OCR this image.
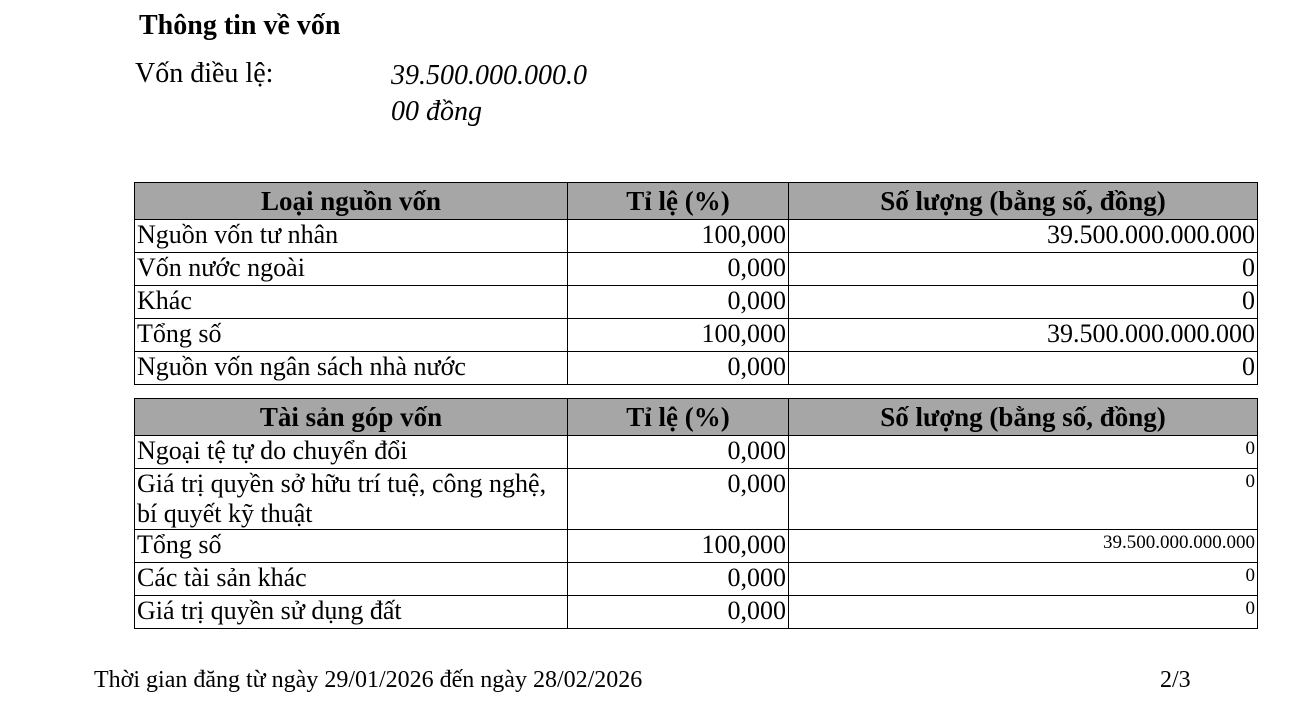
Thông tin về vốn
Vốn điều lệ:	39.500.000.000.0
00 đồng
Loại nguồn vốn	Tỉ lệ (%)	Số lượng (bằng số, đồng)
Nguồn vốn tư nhân	100,000	39.500.000.000.000
Vốn nước ngoài	0,000	0
Khác	0,000	0
Tổng số	100,000	39.500.000.000.000
Nguồn vốn ngân sách nhà nước	0,000	0
Tài sản góp vốn	Tỉ lệ (%)	Số lượng (bằng số, đồng)
Ngoại tệ tự do chuyển đổi	0,000	0
Giá trị quyền sở hữu trí tuệ, công nghệ, bí quyết kỹ thuật	0,000	0
Tổng số	100,000	39.500.000.000.000
Các tài sản khác	0,000	0
Giá trị quyền sử dụng đất	0,000	0
Thời gian đăng từ ngày 29/01/2026 đến ngày 28/02/2026	2/3
